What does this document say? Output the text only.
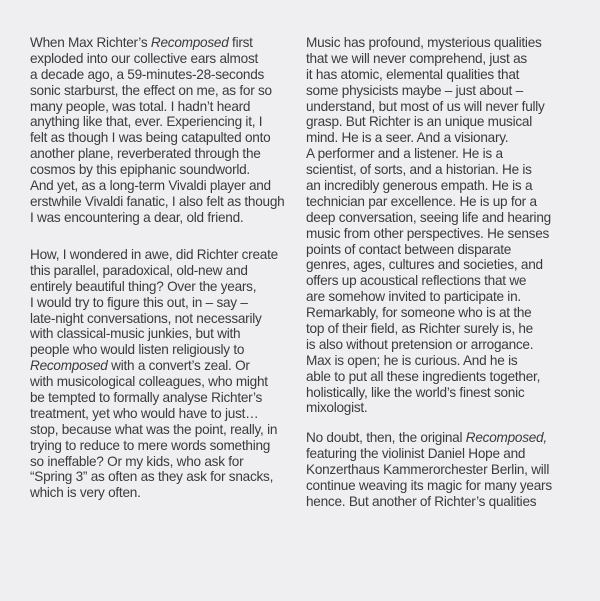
When Max Richter’s Recomposed first
exploded into our collective ears almost
a decade ago, a 59-minutes-28-seconds
sonic starburst, the effect on me, as for so
many people, was total. I hadn’t heard
anything like that, ever. Experiencing it, I
felt as though I was being catapulted onto
another plane, reverberated through the
cosmos by this epiphanic soundworld.
And yet, as a long-term Vivaldi player and
erstwhile Vivaldi fanatic, I also felt as though
I was encountering a dear, old friend.
How, I wondered in awe, did Richter create
this parallel, paradoxical, old-new and
entirely beautiful thing? Over the years,
I would try to figure this out, in – say –
late-night conversations, not necessarily
with classical-music junkies, but with
people who would listen religiously to
Recomposed with a convert’s zeal. Or
with musicological colleagues, who might
be tempted to formally analyse Richter’s
treatment, yet who would have to just…
stop, because what was the point, really, in
trying to reduce to mere words something
so ineffable? Or my kids, who ask for
“Spring 3” as often as they ask for snacks,
which is very often.
Music has profound, mysterious qualities
that we will never comprehend, just as
it has atomic, elemental qualities that
some physicists maybe – just about –
understand, but most of us will never fully
grasp. But Richter is an unique musical
mind. He is a seer. And a visionary.
A performer and a listener. He is a
scientist, of sorts, and a historian. He is
an incredibly generous empath. He is a
technician par excellence. He is up for a
deep conversation, seeing life and hearing
music from other perspectives. He senses
points of contact between disparate
genres, ages, cultures and societies, and
offers up acoustical reflections that we
are somehow invited to participate in.
Remarkably, for someone who is at the
top of their field, as Richter surely is, he
is also without pretension or arrogance.
Max is open; he is curious. And he is
able to put all these ingredients together,
holistically, like the world’s finest sonic
mixologist.
No doubt, then, the original Recomposed,
featuring the violinist Daniel Hope and
Konzerthaus Kammerorchester Berlin, will
continue weaving its magic for many years
hence. But another of Richter’s qualities
